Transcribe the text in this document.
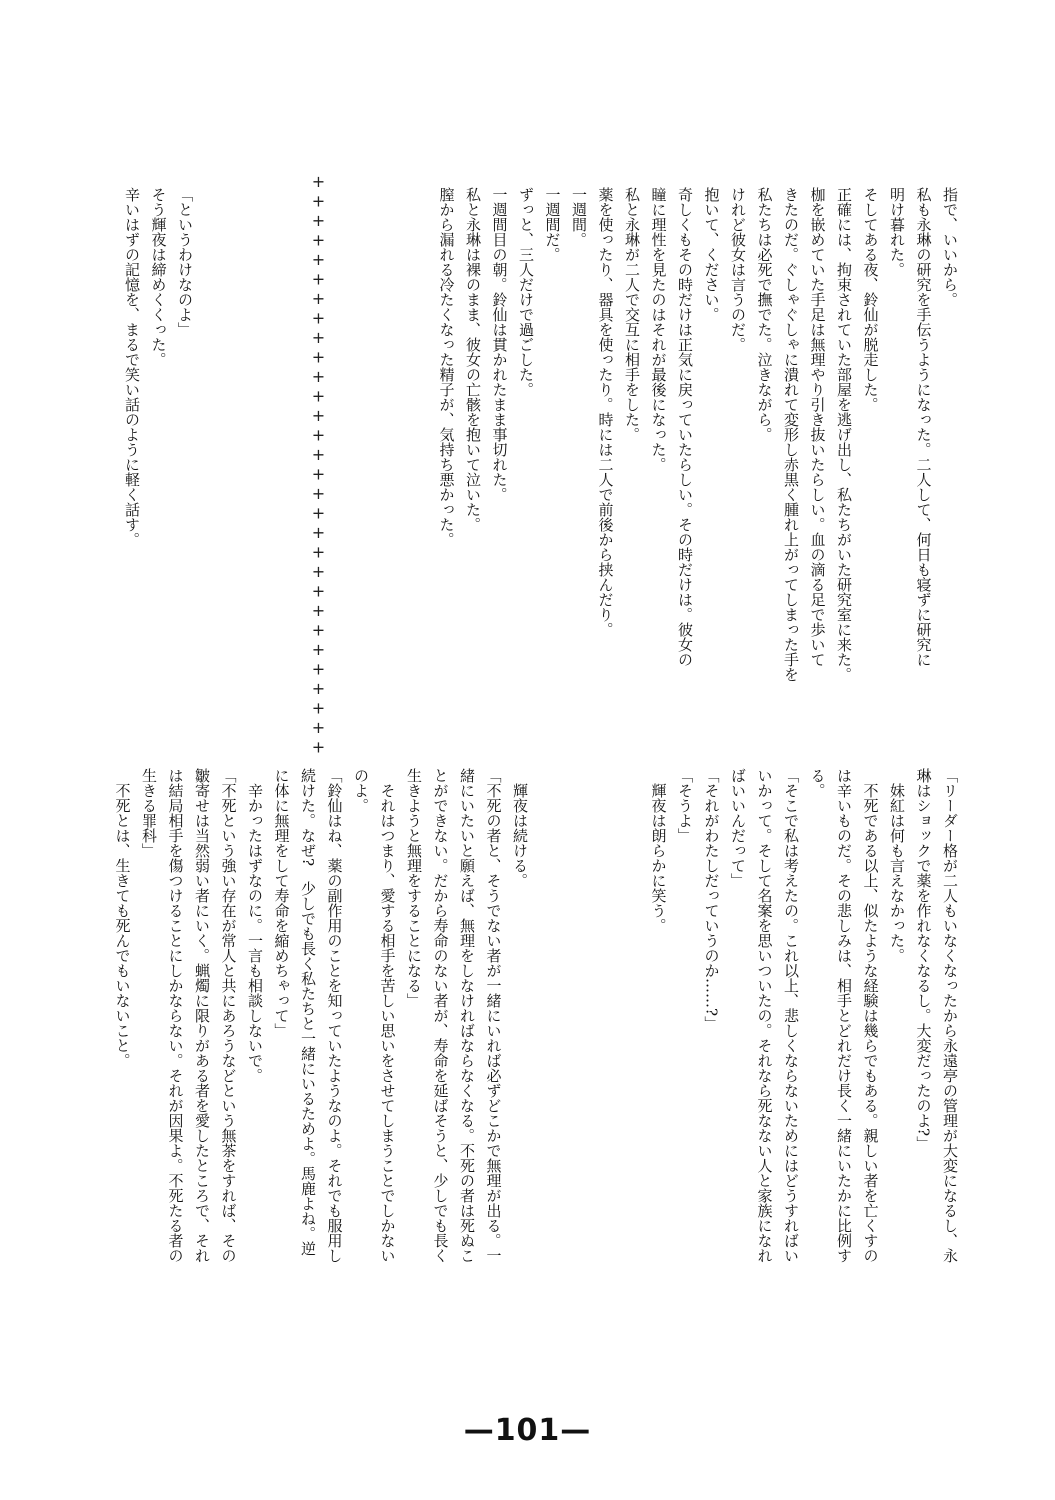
指で、いいから。
私も永琳の研究を手伝うようになった。二人して、何日も寝ずに研究に
明け暮れた。
そしてある夜、鈴仙が脱走した。
正確には、拘束されていた部屋を逃げ出し、私たちがいた研究室に来た。
枷を嵌めていた手足は無理やり引き抜いたらしい。血の滴る足で歩いて
きたのだ。ぐしゃぐしゃに潰れて変形し赤黒く腫れ上がってしまった手を
私たちは必死で撫でた。泣きながら。
けれど彼女は言うのだ。
抱いて、ください。
奇しくもその時だけは正気に戻っていたらしい。その時だけは。彼女の
瞳に理性を見たのはそれが最後になった。
私と永琳が二人で交互に相手をした。
薬を使ったり、器具を使ったり。時には二人で前後から挟んだり。
一週間。
一週間だ。
ずっと、三人だけで過ごした。
一週間目の朝。鈴仙は貫かれたまま事切れた。
私と永琳は裸のまま、彼女の亡骸を抱いて泣いた。
膣から漏れる冷たくなった精子が、気持ち悪かった。
++++++++++++++++++++++++++++++
「というわけなのよ」
そう輝夜は締めくくった。
辛いはずの記憶を、まるで笑い話のように軽く話す。
「リーダー格が二人もいなくなったから永遠亭の管理が大変になるし、永
琳はショックで薬を作れなくなるし。大変だったのよ?」
　妹紅は何も言えなかった。
　不死である以上、似たような経験は幾らでもある。親しい者を亡くすの
は辛いものだ。その悲しみは、相手とどれだけ長く一緒にいたかに比例す
る。
「そこで私は考えたの。これ以上、悲しくならないためにはどうすればい
いかって。そして名案を思いついたの。それなら死なない人と家族になれ
ばいいんだって」
「それがわたしだっていうのか……?」
「そうよ」
　輝夜は朗らかに笑う。
　輝夜は続ける。
「不死の者と、そうでない者が一緒にいれば必ずどこかで無理が出る。一
緒にいたいと願えば、無理をしなければならなくなる。不死の者は死ぬこ
とができない。だから寿命のない者が、寿命を延ばそうと、少しでも長く
生きようと無理をすることになる」
　それはつまり、愛する相手を苦しい思いをさせてしまうことでしかない
のよ。
「鈴仙はね、薬の副作用のことを知っていたようなのよ。それでも服用し
続けた。なぜ?　少しでも長く私たちと一緒にいるためよ。馬鹿よね。逆
に体に無理をして寿命を縮めちゃって」
　辛かったはずなのに。一言も相談しないで。
「不死という強い存在が常人と共にあろうなどという無茶をすれば、その
皺寄せは当然弱い者にいく。蝋燭に限りがある者を愛したところで、それ
は結局相手を傷つけることにしかならない。それが因果よ。不死たる者の
生きる罪科」
　不死とは、生きても死んでもいないこと。
—101—
